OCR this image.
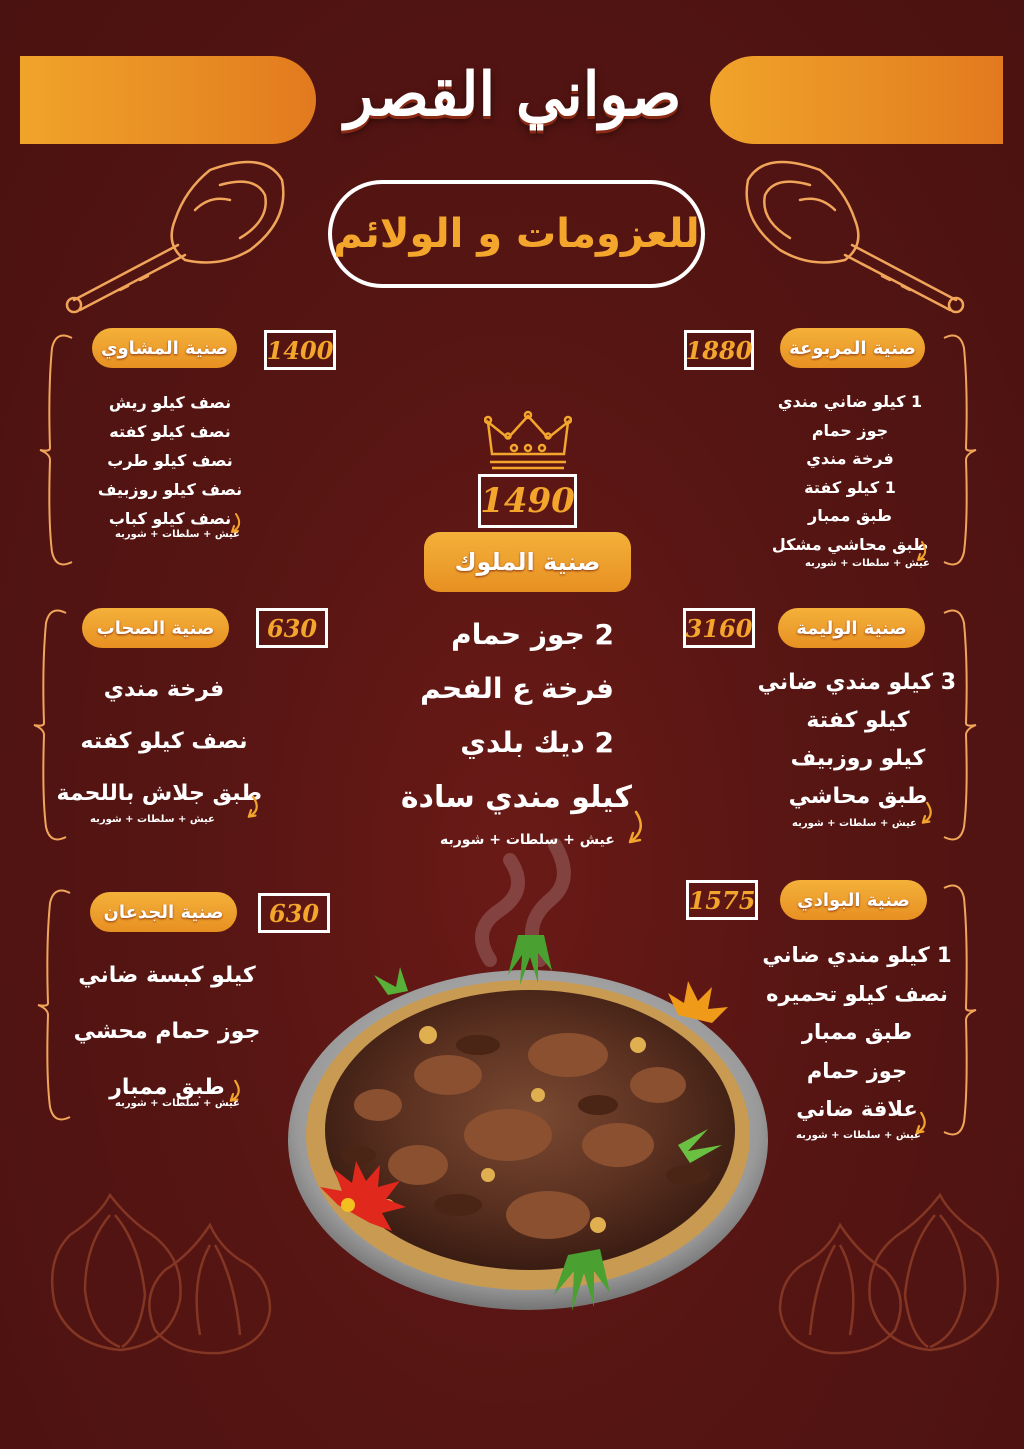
صواني القصر
للعزومات و الولائم
صنية المربوعة
1880
1 كيلو ضاني مندي
جوز حمام
فرخة مندي
1 كيلو كفتة
طبق ممبار
طبق محاشي مشكل
عيش + سلطات + شوربه
صنية المشاوي	1400
نصف كيلو ريش
نصف كيلو كفته
نصف كيلو طرب
نصف كيلو روزبيف
نصف كيلو كباب
عيش + سلطات + شوربه
1490
صنية الملوك
2 جوز حمام
فرخة ع الفحم
2 ديك بلدي
كيلو مندي سادة
عيش + سلطات + شوربه
صنية الوليمة
3160
3 كيلو مندي ضاني
كيلو كفتة
كيلو روزبيف
طبق محاشي
عيش + سلطات + شوربه
صنية الصحاب	630
فرخة مندي
نصف كيلو كفته
طبق جلاش باللحمة
عيش + سلطات + شوربه
صنية البوادي
1575
1 كيلو مندي ضاني
نصف كيلو تحميره
طبق ممبار
جوز حمام
علاقة ضاني
عيش + سلطات + شوربه
صنية الجدعان	630
كيلو كبسة ضاني
جوز حمام محشي
طبق ممبار
عيش + سلطات + شوربه
